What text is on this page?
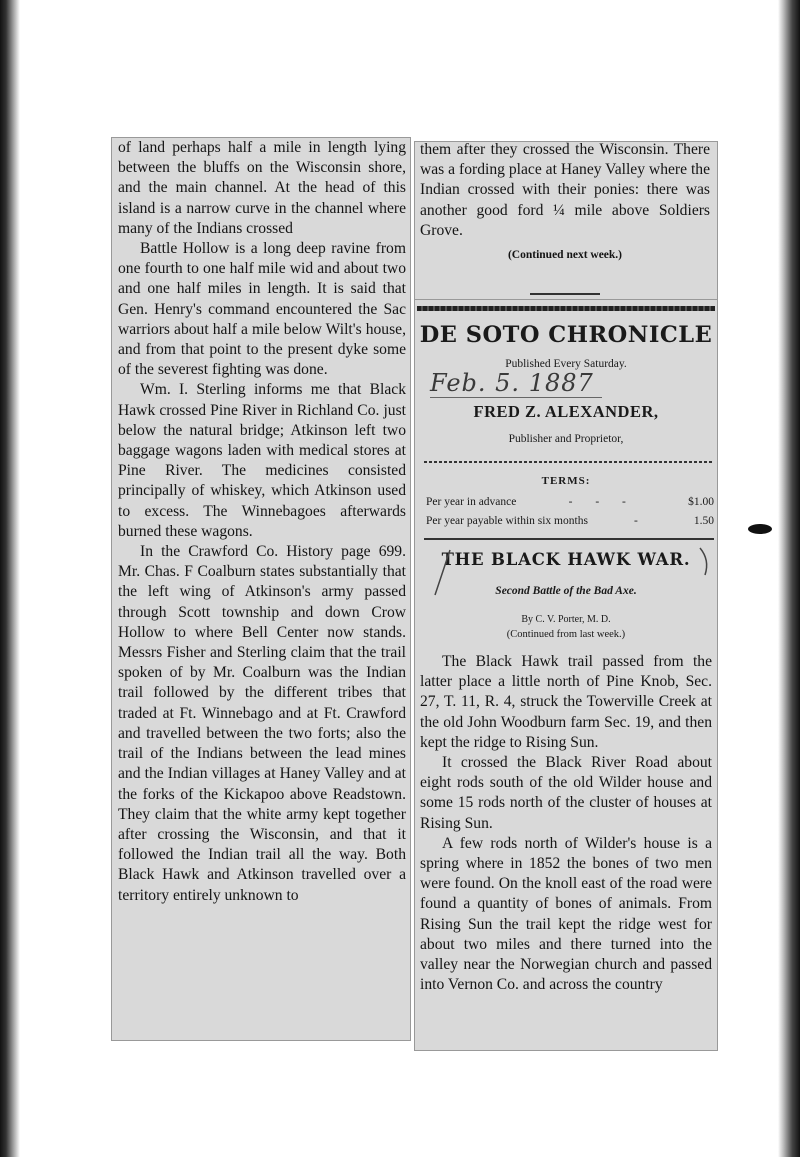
of land perhaps half a mile in length lying between the bluffs on the Wisconsin shore, and the main channel. At the head of this island is a narrow curve in the channel where many of the Indians crossed

Battle Hollow is a long deep ravine from one fourth to one half mile wid and about two and one half miles in length. It is said that Gen. Henry's command encountered the Sac warriors about half a mile below Wilt's house, and from that point to the present dyke some of the severest fighting was done.

Wm. I. Sterling informs me that Black Hawk crossed Pine River in Richland Co. just below the natural bridge; Atkinson left two baggage wagons laden with medical stores at Pine River. The medicines consisted principally of whiskey, which Atkinson used to excess. The Winnebagoes afterwards burned these wagons.

In the Crawford Co. History page 699. Mr. Chas. F Coalburn states substantially that the left wing of Atkinson's army passed through Scott township and down Crow Hollow to where Bell Center now stands. Messrs Fisher and Sterling claim that the trail spoken of by Mr. Coalburn was the Indian trail followed by the different tribes that traded at Ft. Winnebago and at Ft. Crawford and travelled between the two forts; also the trail of the Indians between the lead mines and the Indian villages at Haney Valley and at the forks of the Kickapoo above Readstown. They claim that the white army kept together after crossing the Wisconsin, and that it followed the Indian trail all the way. Both Black Hawk and Atkinson travelled over a territory entirely unknown to

them after they crossed the Wisconsin. There was a fording place at Haney Valley where the Indian crossed with their ponies: there was another good ford ¼ mile above Soldiers Grove.

(Continued next week.)
DE SOTO CHRONICLE
Published Every Saturday.
Feb. 5. 1887
FRED Z. ALEXANDER,
Publisher and Proprietor,
TERMS:
Per year in advance	- - -	$1.00
Per year payable within six months	-	1.50
THE BLACK HAWK WAR.
Second Battle of the Bad Axe.
By C. V. Porter, M. D.
(Continued from last week.)

The Black Hawk trail passed from the latter place a little north of Pine Knob, Sec. 27, T. 11, R. 4, struck the Towerville Creek at the old John Woodburn farm Sec. 19, and then kept the ridge to Rising Sun.

It crossed the Black River Road about eight rods south of the old Wilder house and some 15 rods north of the cluster of houses at Rising Sun.

A few rods north of Wilder's house is a spring where in 1852 the bones of two men were found. On the knoll east of the road were found a quantity of bones of animals. From Rising Sun the trail kept the ridge west for about two miles and there turned into the valley near the Norwegian church and passed into Vernon Co. and across the country
